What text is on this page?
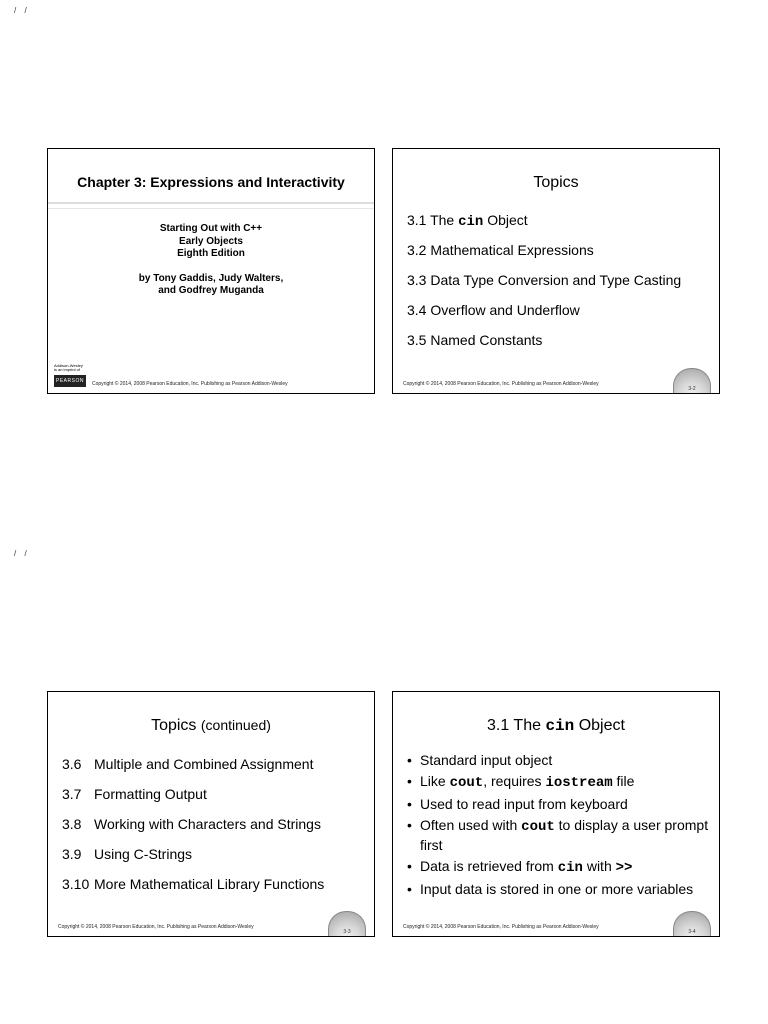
/ /
/ /
Chapter 3: Expressions and Interactivity
Starting Out with C++
Early Objects
Eighth Edition
by Tony Gaddis, Judy Walters,
and Godfrey Muganda
Addison-Wesley
is an imprint of
PEARSON	Copyright © 2014, 2008 Pearson Education, Inc. Publishing as Pearson Addison-Wesley
Topics
3.1 The cin Object
3.2 Mathematical Expressions
3.3 Data Type Conversion and Type Casting
3.4 Overflow and Underflow
3.5 Named Constants
Copyright © 2014, 2008 Pearson Education, Inc. Publishing as Pearson Addison-Wesley
3-2
Topics (continued)
3.6 Multiple and Combined Assignment
3.7 Formatting Output
3.8 Working with Characters and Strings
3.9 Using C-Strings
3.10 More Mathematical Library Functions
Copyright © 2014, 2008 Pearson Education, Inc. Publishing as Pearson Addison-Wesley
3-3
3.1 The cin Object
• Standard input object
• Like cout, requires iostream file
• Used to read input from keyboard
• Often used with cout to display a user prompt first
• Data is retrieved from cin with >>
• Input data is stored in one or more variables
Copyright © 2014, 2008 Pearson Education, Inc. Publishing as Pearson Addison-Wesley
3-4
